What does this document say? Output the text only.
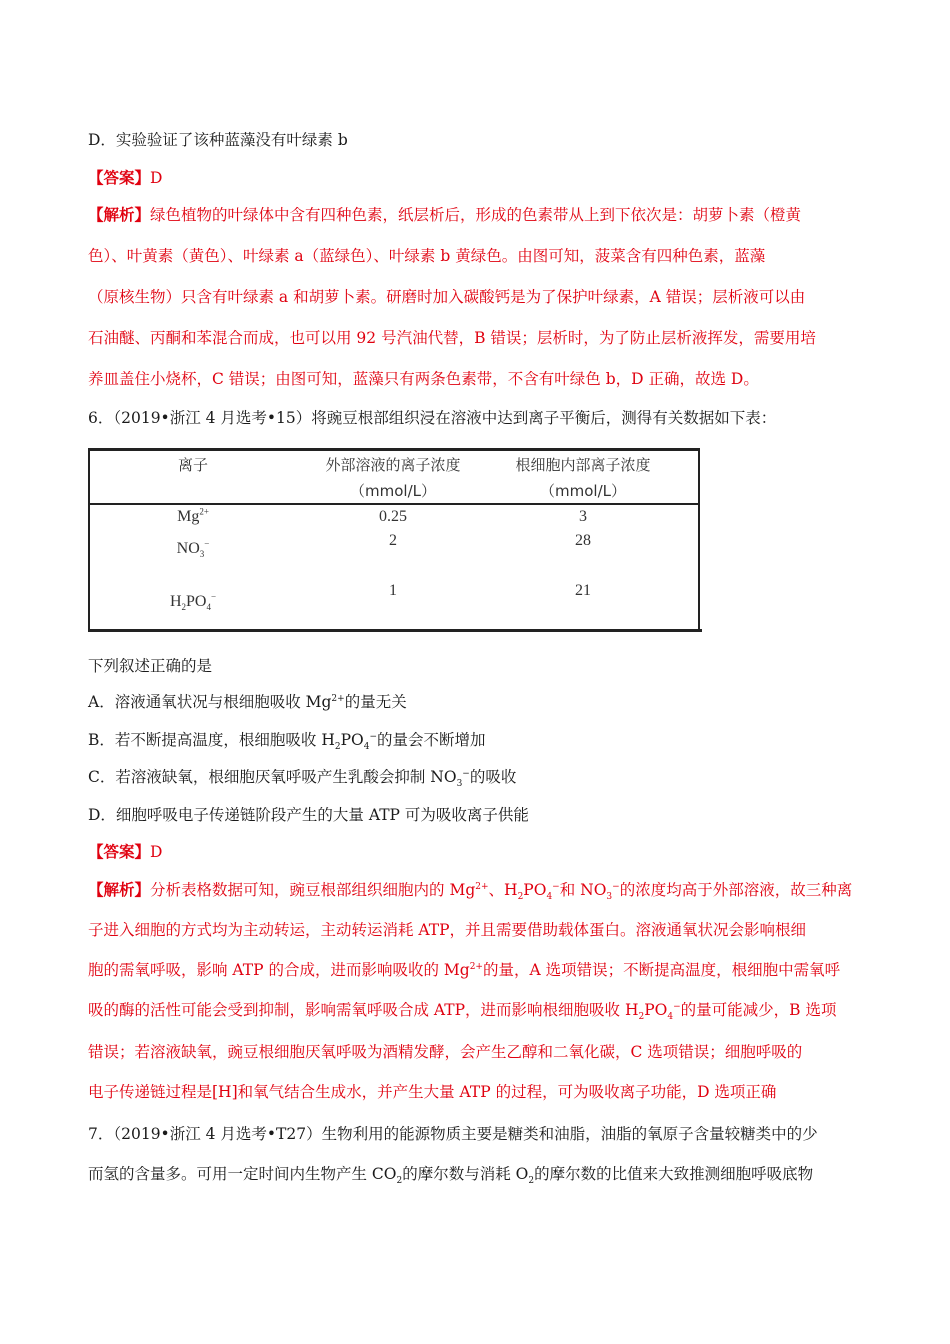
D．实验验证了该种蓝藻没有叶绿素 b
【答案】D
【解析】绿色植物的叶绿体中含有四种色素，纸层析后，形成的色素带从上到下依次是：胡萝卜素（橙黄
色）、叶黄素（黄色）、叶绿素 a（蓝绿色）、叶绿素 b 黄绿色。由图可知，菠菜含有四种色素，蓝藻
（原核生物）只含有叶绿素 a 和胡萝卜素。研磨时加入碳酸钙是为了保护叶绿素，A 错误；层析液可以由
石油醚、丙酮和苯混合而成，也可以用 92 号汽油代替，B 错误；层析时，为了防止层析液挥发，需要用培
养皿盖住小烧杯，C 错误；由图可知，蓝藻只有两条色素带，不含有叶绿色 b，D 正确，故选 D。
6．（2019•浙江 4 月选考•15）将豌豆根部组织浸在溶液中达到离子平衡后，测得有关数据如下表：
离子	外部溶液的离子浓度	根细胞内部离子浓度
（mmol/L）	（mmol/L）
$Mg^{2+}$	0.25	3
$NO_3^-$	2	28
$H_2PO_4^-$	1	21
下列叙述正确的是
A．溶液通氧状况与根细胞吸收 $Mg^{2+}$的量无关
B．若不断提高温度，根细胞吸收 $H_2PO_4^-$的量会不断增加
C．若溶液缺氧，根细胞厌氧呼吸产生乳酸会抑制 $NO_3^-$的吸收
D．细胞呼吸电子传递链阶段产生的大量 ATP 可为吸收离子供能
【答案】D
【解析】分析表格数据可知，豌豆根部组织细胞内的 $Mg^{2+}$、$H_2PO_4^-$和 $NO_3^-$的浓度均高于外部溶液，故三种离
子进入细胞的方式均为主动转运，主动转运消耗 ATP，并且需要借助载体蛋白。溶液通氧状况会影响根细
胞的需氧呼吸，影响 ATP 的合成，进而影响吸收的 $Mg^{2+}$的量，A 选项错误；不断提高温度，根细胞中需氧呼
吸的酶的活性可能会受到抑制，影响需氧呼吸合成 ATP，进而影响根细胞吸收 $H_2PO_4^-$的量可能减少，B 选项
错误；若溶液缺氧，豌豆根细胞厌氧呼吸为酒精发酵，会产生乙醇和二氧化碳，C 选项错误；细胞呼吸的
电子传递链过程是[H]和氧气结合生成水，并产生大量 ATP 的过程，可为吸收离子功能，D 选项正确
7．（2019•浙江 4 月选考•T27）生物利用的能源物质主要是糖类和油脂，油脂的氧原子含量较糖类中的少
而氢的含量多。可用一定时间内生物产生 $CO_2$的摩尔数与消耗 $O_2$的摩尔数的比值来大致推测细胞呼吸底物
